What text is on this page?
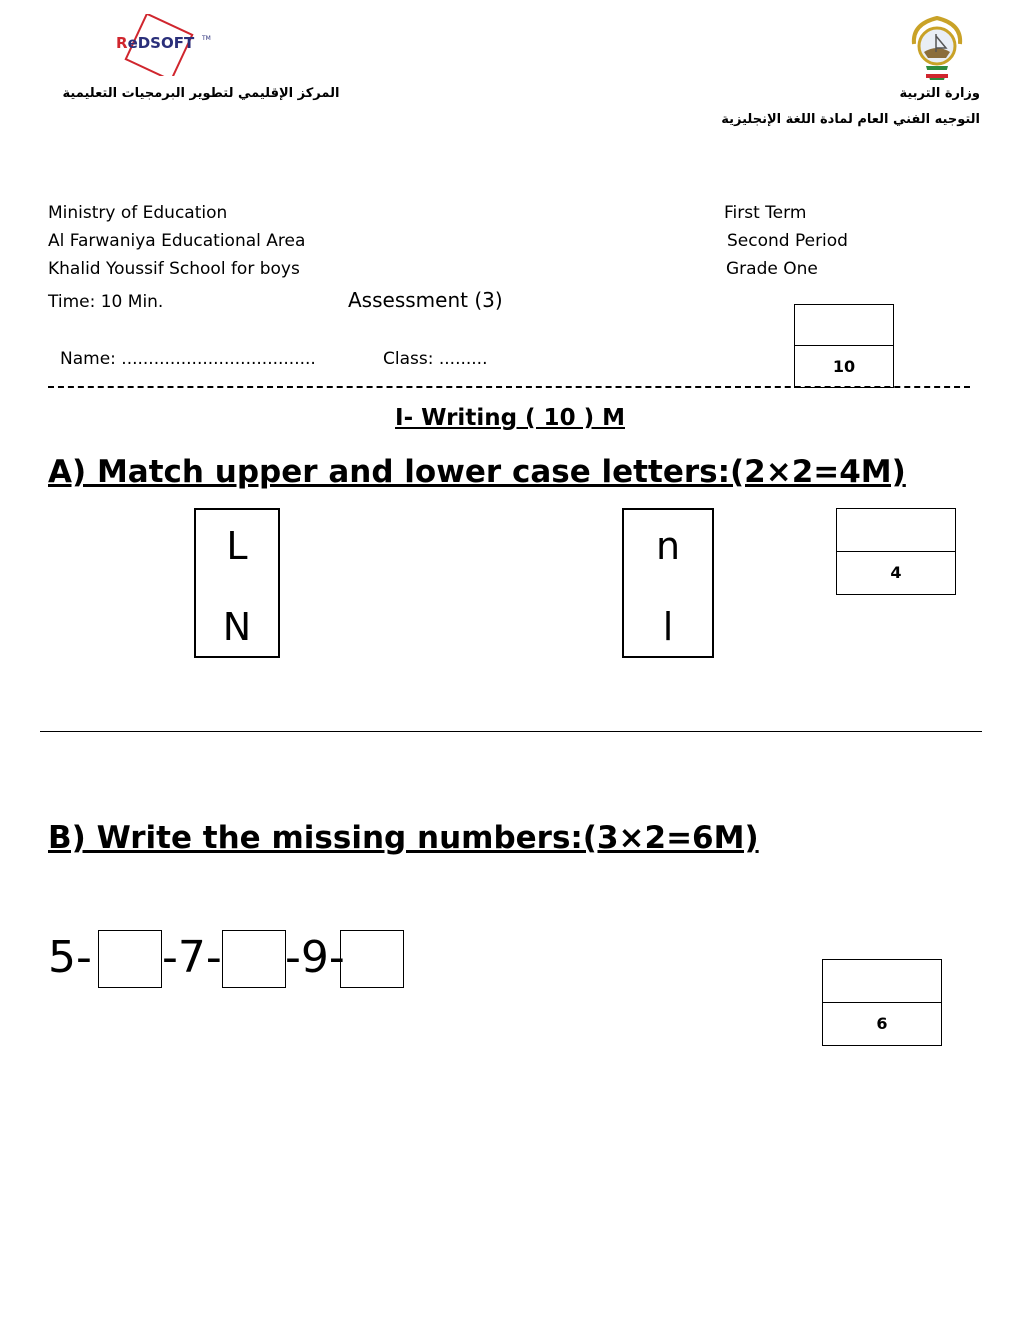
ReDSOFT TM
المركز الإقليمي لتطوير البرمجيات التعليمية	وزارة التربية
التوجيه الفني العام لمادة اللغة الإنجليزية
Ministry of Education
Al Farwaniya Educational Area
Khalid Youssif School for boys
Time: 10 Min.	Assessment (3)
First Term
Second Period
Grade One
Name: ....................................	Class: .........	10
I- Writing ( 10 ) M
A) Match upper and lower case letters:(2×2=4M)
L
N
n
l
4
B) Write the missing numbers:(3×2=6M)
5- -7- -9-
6
